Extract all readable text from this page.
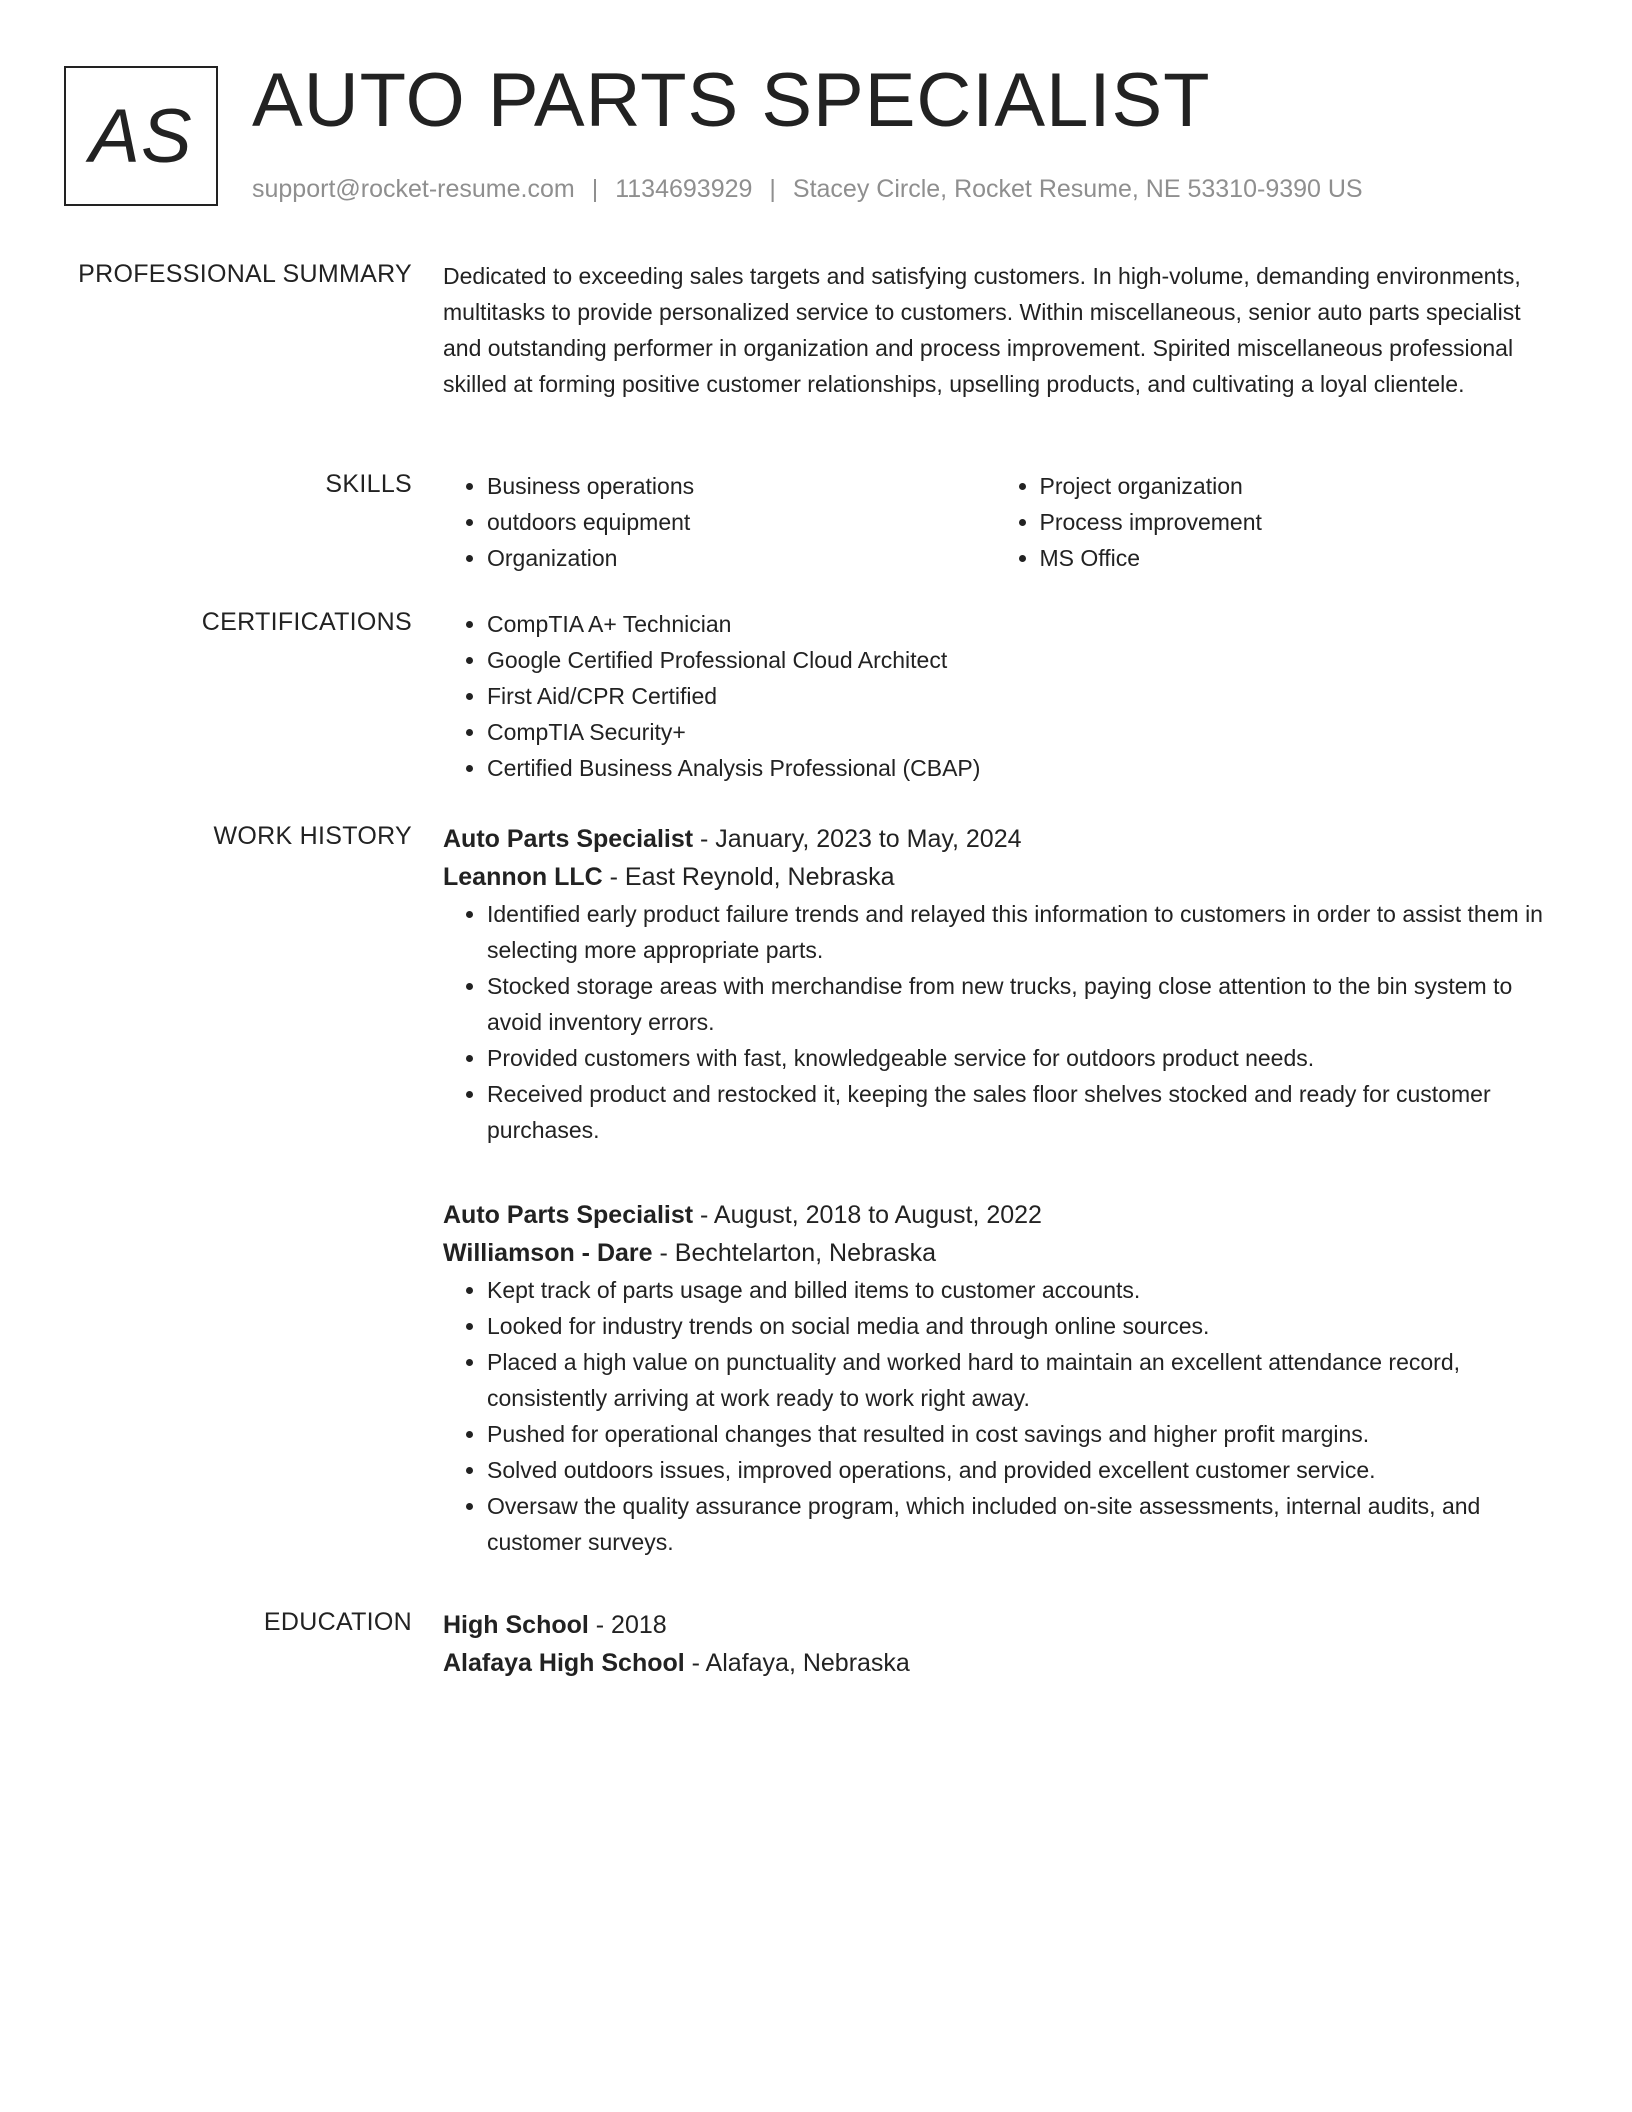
AS AUTO PARTS SPECIALIST
support@rocket-resume.com | 1134693929 | Stacey Circle, Rocket Resume, NE 53310-9390 US
PROFESSIONAL SUMMARY Dedicated to exceeding sales targets and satisfying customers. In high-volume, demanding environments, multitasks to provide personalized service to customers. Within miscellaneous, senior auto parts specialist and outstanding performer in organization and process improvement. Spirited miscellaneous professional skilled at forming positive customer relationships, upselling products, and cultivating a loyal clientele.

SKILLS	• Business operations
• outdoors equipment
• Organization
• Project organization
• Process improvement
• MS Office
CERTIFICATIONS	• CompTIA A+ Technician
• Google Certified Professional Cloud Architect
• First Aid/CPR Certified
• CompTIA Security+
• Certified Business Analysis Professional (CBAP)
WORK HISTORY Auto Parts Specialist - January, 2023 to May, 2024

Leannon LLC - East Reynold, Nebraska

• Identified early product failure trends and relayed this information to customers in order to assist them in selecting more appropriate parts.
• Stocked storage areas with merchandise from new trucks, paying close attention to the bin system to avoid inventory errors.
• Provided customers with fast, knowledgeable service for outdoors product needs.
• Received product and restocked it, keeping the sales floor shelves stocked and ready for customer purchases.

Auto Parts Specialist - August, 2018 to August, 2022

Williamson - Dare - Bechtelarton, Nebraska

• Kept track of parts usage and billed items to customer accounts.
• Looked for industry trends on social media and through online sources.
• Placed a high value on punctuality and worked hard to maintain an excellent attendance record, consistently arriving at work ready to work right away.
• Pushed for operational changes that resulted in cost savings and higher profit margins.
• Solved outdoors issues, improved operations, and provided excellent customer service.
• Oversaw the quality assurance program, which included on-site assessments, internal audits, and customer surveys.
EDUCATION High School - 2018

Alafaya High School - Alafaya, Nebraska
